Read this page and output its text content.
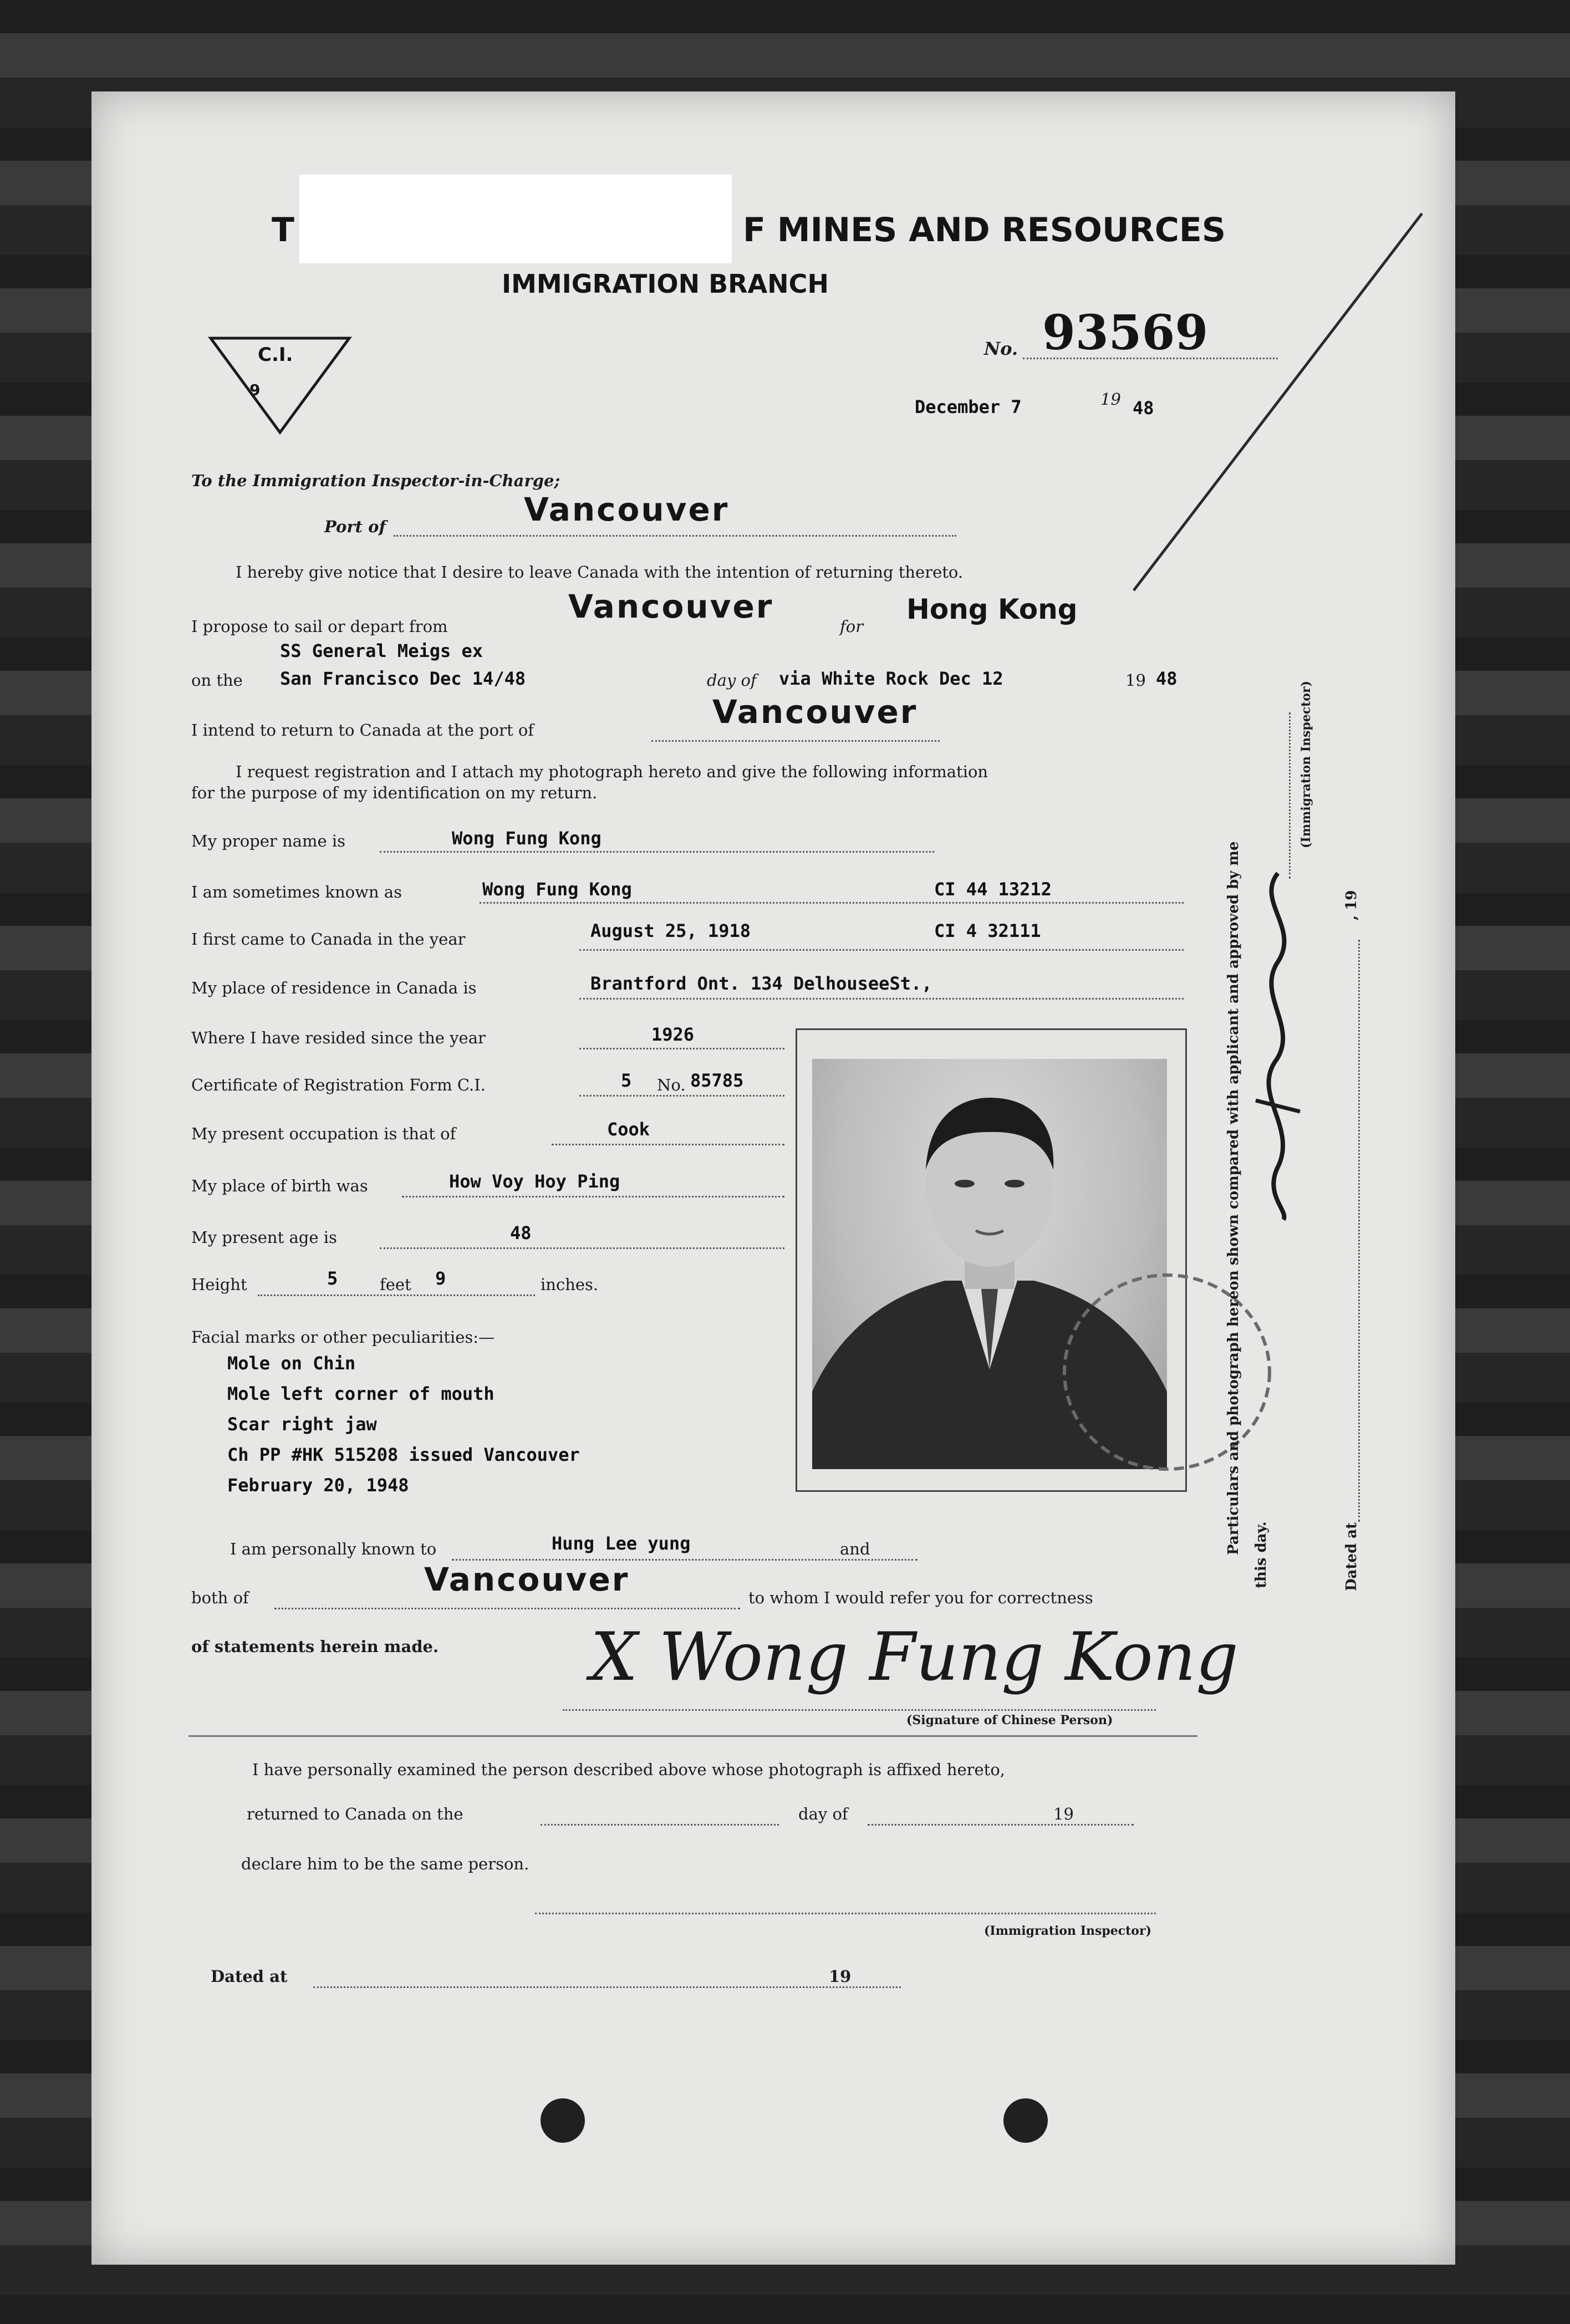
T	F MINES AND RESOURCES
IMMIGRATION BRANCH
C.I.
9
No. 93569
December 7	19 48
To the Immigration Inspector-in-Charge;
Port of	Vancouver
I hereby give notice that I desire to leave Canada with the intention of returning thereto.
I propose to sail or depart from
Vancouver
for
Hong Kong
SS General Meigs ex
on the San Francisco Dec 14/48	day of via White Rock Dec 12	19 48
I intend to return to Canada at the port of	Vancouver
I request registration and I attach my photograph hereto and give the following information
for the purpose of my identification on my return.
My proper name is	Wong Fung Kong
I am sometimes known as	Wong Fung Kong	CI 44 13212
I first came to Canada in the year	August 25, 1918	CI 4 32111
My place of residence in Canada is	Brantford Ont. 134 DelhouseeSt.,
Where I have resided since the year	1926
Certificate of Registration Form C.I.	5 No. 85785
My present occupation is that of	Cook
My place of birth was	How Voy Hoy Ping
My present age is	48
Height	5	feet 9	inches.
Facial marks or other peculiarities:—
Mole on Chin
Mole left corner of mouth
Scar right jaw
Ch PP #HK 515208 issued Vancouver
February 20, 1948
I am personally known to	Hung Lee yung	and
both of	Vancouver	to whom I would refer you for correctness
of statements herein made. X Wong Fung Kong
(Signature of Chinese Person)
I have personally examined the person described above whose photograph is affixed hereto,
returned to Canada on the	day of	19
declare him to be the same person.
(Immigration Inspector)
Dated at	19
Particulars and photograph hereon shown compared with applicant and approved by me this day.
(Immigration Inspector)
, 19
Dated at
